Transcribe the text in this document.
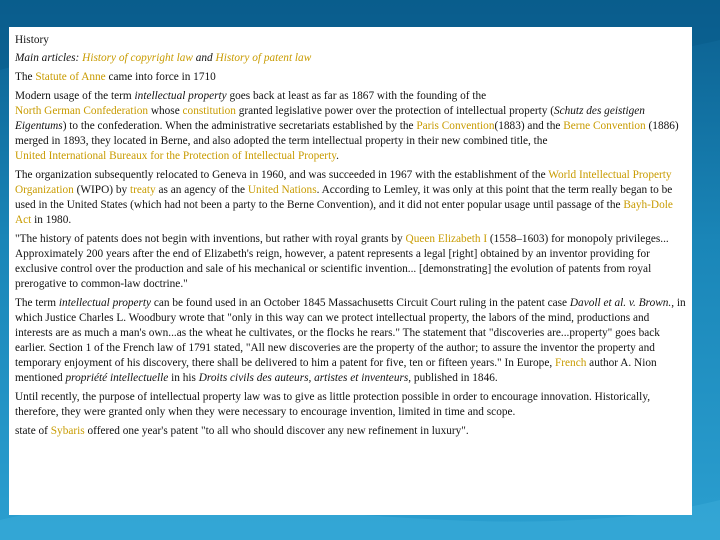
History
Main articles: History of copyright law and History of patent law
The Statute of Anne came into force in 1710
Modern usage of the term intellectual property goes back at least as far as 1867 with the founding of the
North German Confederation whose constitution granted legislative power over the protection of intellectual property (Schutz des geistigen Eigentums) to the confederation. When the administrative secretariats established by the Paris Convention(1883) and the Berne Convention (1886) merged in 1893, they located in Berne, and also adopted the term intellectual property in their new combined title, the
United International Bureaux for the Protection of Intellectual Property.
The organization subsequently relocated to Geneva in 1960, and was succeeded in 1967 with the establishment of the World Intellectual Property Organization (WIPO) by treaty as an agency of the United Nations. According to Lemley, it was only at this point that the term really began to be used in the United States (which had not been a party to the Berne Convention), and it did not enter popular usage until passage of the Bayh-Dole Act in 1980.
"The history of patents does not begin with inventions, but rather with royal grants by Queen Elizabeth I (1558–1603) for monopoly privileges... Approximately 200 years after the end of Elizabeth's reign, however, a patent represents a legal [right] obtained by an inventor providing for exclusive control over the production and sale of his mechanical or scientific invention... [demonstrating] the evolution of patents from royal prerogative to common-law doctrine."
The term intellectual property can be found used in an October 1845 Massachusetts Circuit Court ruling in the patent case Davoll et al. v. Brown., in which Justice Charles L. Woodbury wrote that "only in this way can we protect intellectual property, the labors of the mind, productions and interests are as much a man's own...as the wheat he cultivates, or the flocks he rears." The statement that "discoveries are...property" goes back earlier. Section 1 of the French law of 1791 stated, "All new discoveries are the property of the author; to assure the inventor the property and temporary enjoyment of his discovery, there shall be delivered to him a patent for five, ten or fifteen years." In Europe, French author A. Nion mentioned propriété intellectuelle in his Droits civils des auteurs, artistes et inventeurs, published in 1846.
Until recently, the purpose of intellectual property law was to give as little protection possible in order to encourage innovation. Historically, therefore, they were granted only when they were necessary to encourage invention, limited in time and scope.
state of Sybaris offered one year's patent "to all who should discover any new refinement in luxury".
